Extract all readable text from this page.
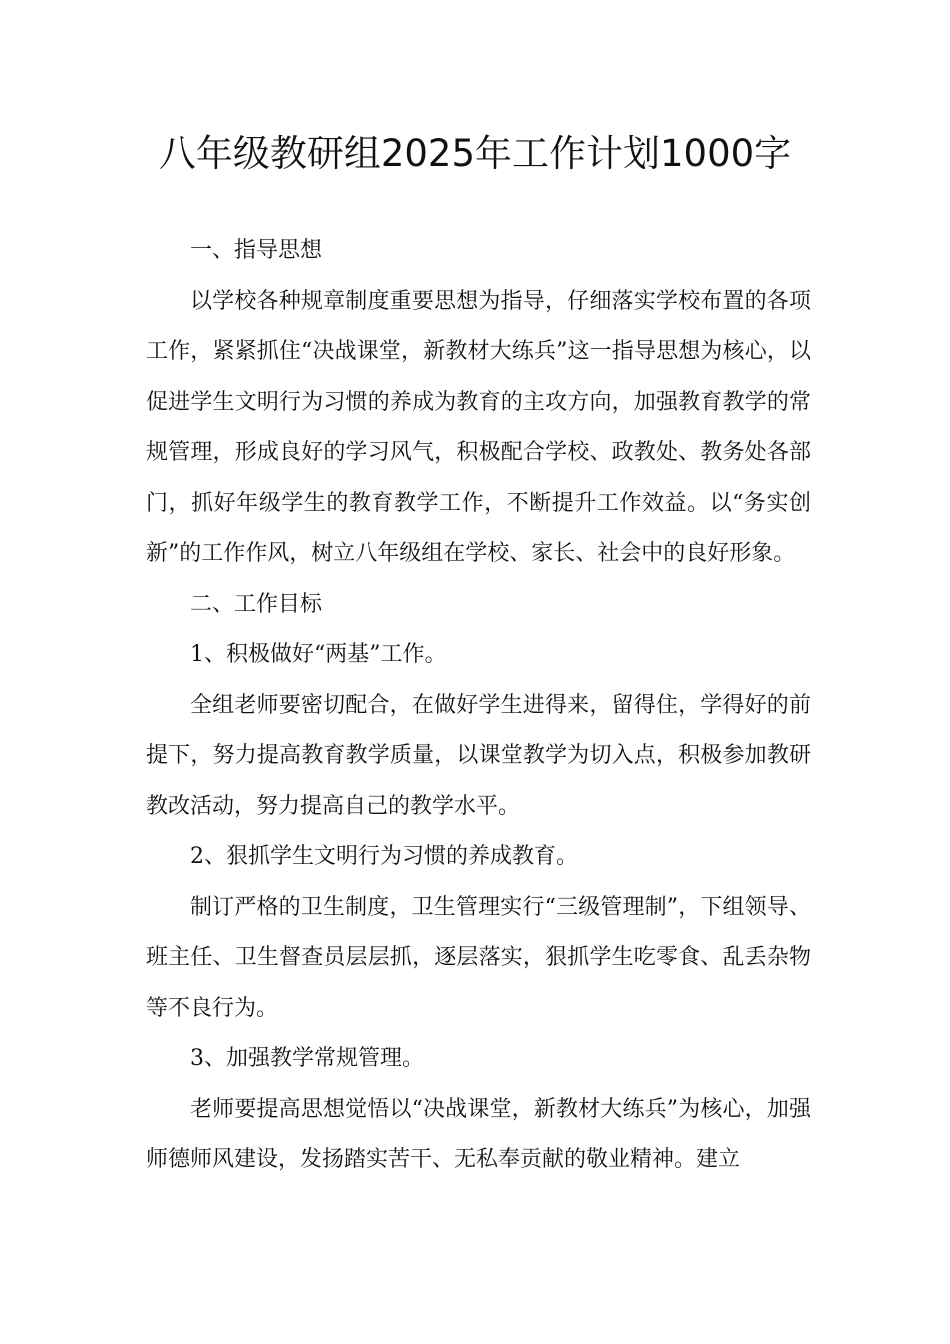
八年级教研组2025年工作计划1000字

一、指导思想

以学校各种规章制度重要思想为指导，仔细落实学校布置的各项工作，紧紧抓住“决战课堂，新教材大练兵”这一指导思想为核心，以促进学生文明行为习惯的养成为教育的主攻方向，加强教育教学的常规管理，形成良好的学习风气，积极配合学校、政教处、教务处各部门，抓好年级学生的教育教学工作，不断提升工作效益。以“务实创新”的工作作风，树立八年级组在学校、家长、社会中的良好形象。

二、工作目标

1、积极做好“两基”工作。

全组老师要密切配合，在做好学生进得来，留得住，学得好的前提下，努力提高教育教学质量，以课堂教学为切入点，积极参加教研教改活动，努力提高自己的教学水平。

2、狠抓学生文明行为习惯的养成教育。

制订严格的卫生制度，卫生管理实行“三级管理制”，下组领导、班主任、卫生督查员层层抓，逐层落实，狠抓学生吃零食、乱丢杂物等不良行为。

3、加强教学常规管理。

老师要提高思想觉悟以“决战课堂，新教材大练兵”为核心，加强师德师风建设，发扬踏实苦干、无私奉贡献的敬业精神。建立
